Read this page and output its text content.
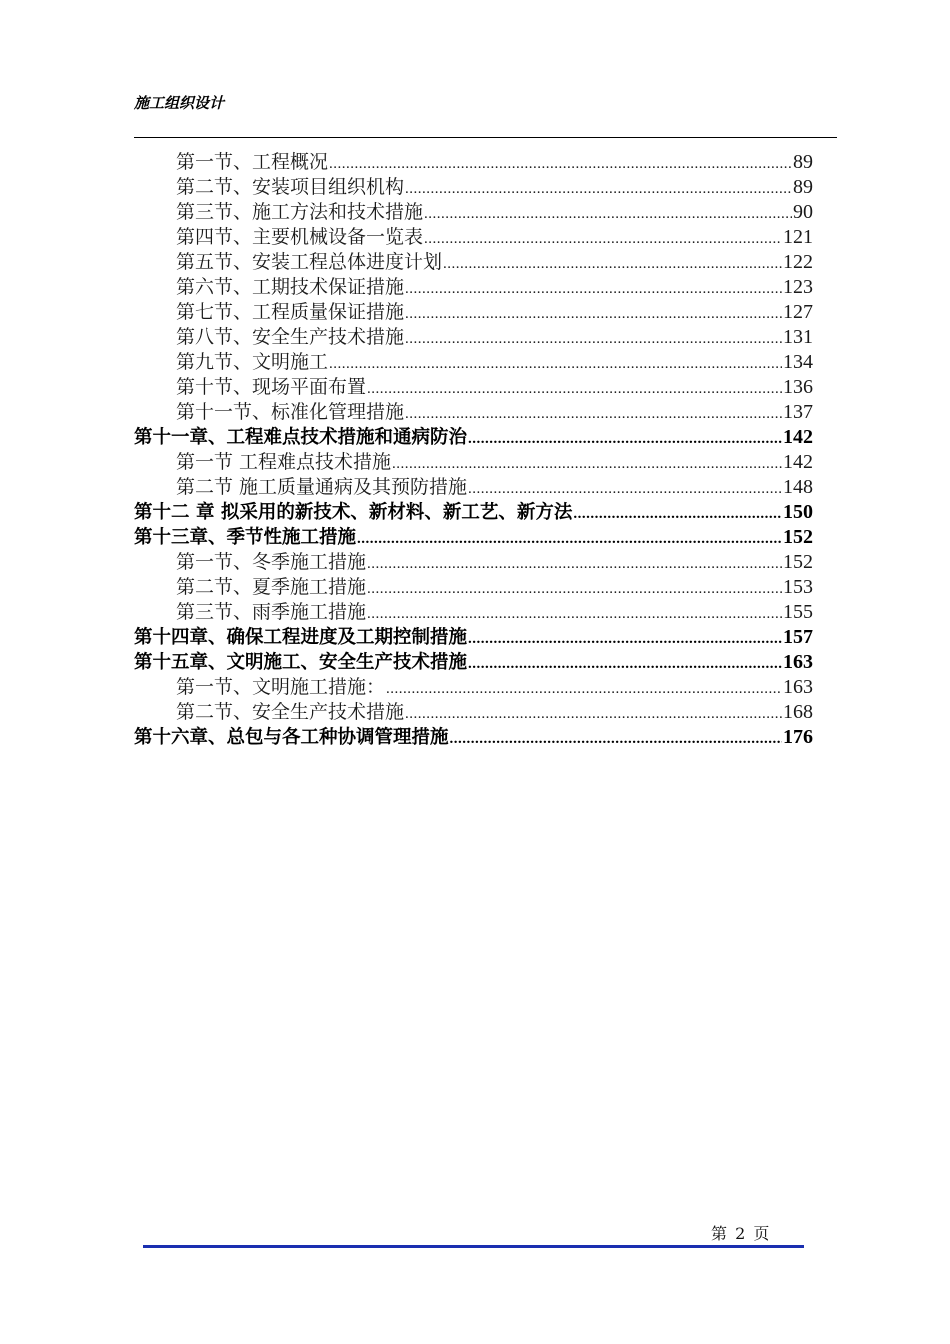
施工组织设计
第一节、工程概况 .....	89
第二节、安装项目组织机构 .....	89
第三节、施工方法和技术措施 .....	90
第四节、主要机械设备一览表 .....	121
第五节、安装工程总体进度计划 .....	122
第六节、工期技术保证措施 .....	123
第七节、工程质量保证措施 .....	127
第八节、安全生产技术措施 .....	131
第九节、文明施工 .....	134
第十节、现场平面布置 .....	136
第十一节、标准化管理措施 .....	137
第十一章、工程难点技术措施和通病防治 .....	142
第一节 工程难点技术措施 .....	142
第二节 施工质量通病及其预防措施 .....	148
第十二 章 拟采用的新技术、新材料、新工艺、新方法 .....	150
第十三章、季节性施工措施 .....	152
第一节、冬季施工措施 .....	152
第二节、夏季施工措施 .....	153
第三节、雨季施工措施 .....	155
第十四章、确保工程进度及工期控制措施 .....	157
第十五章、文明施工、安全生产技术措施 .....	163
第一节、文明施工措施： .....	163
第二节、安全生产技术措施 .....	168
第十六章、总包与各工种协调管理措施 .....	176
第 2 页
